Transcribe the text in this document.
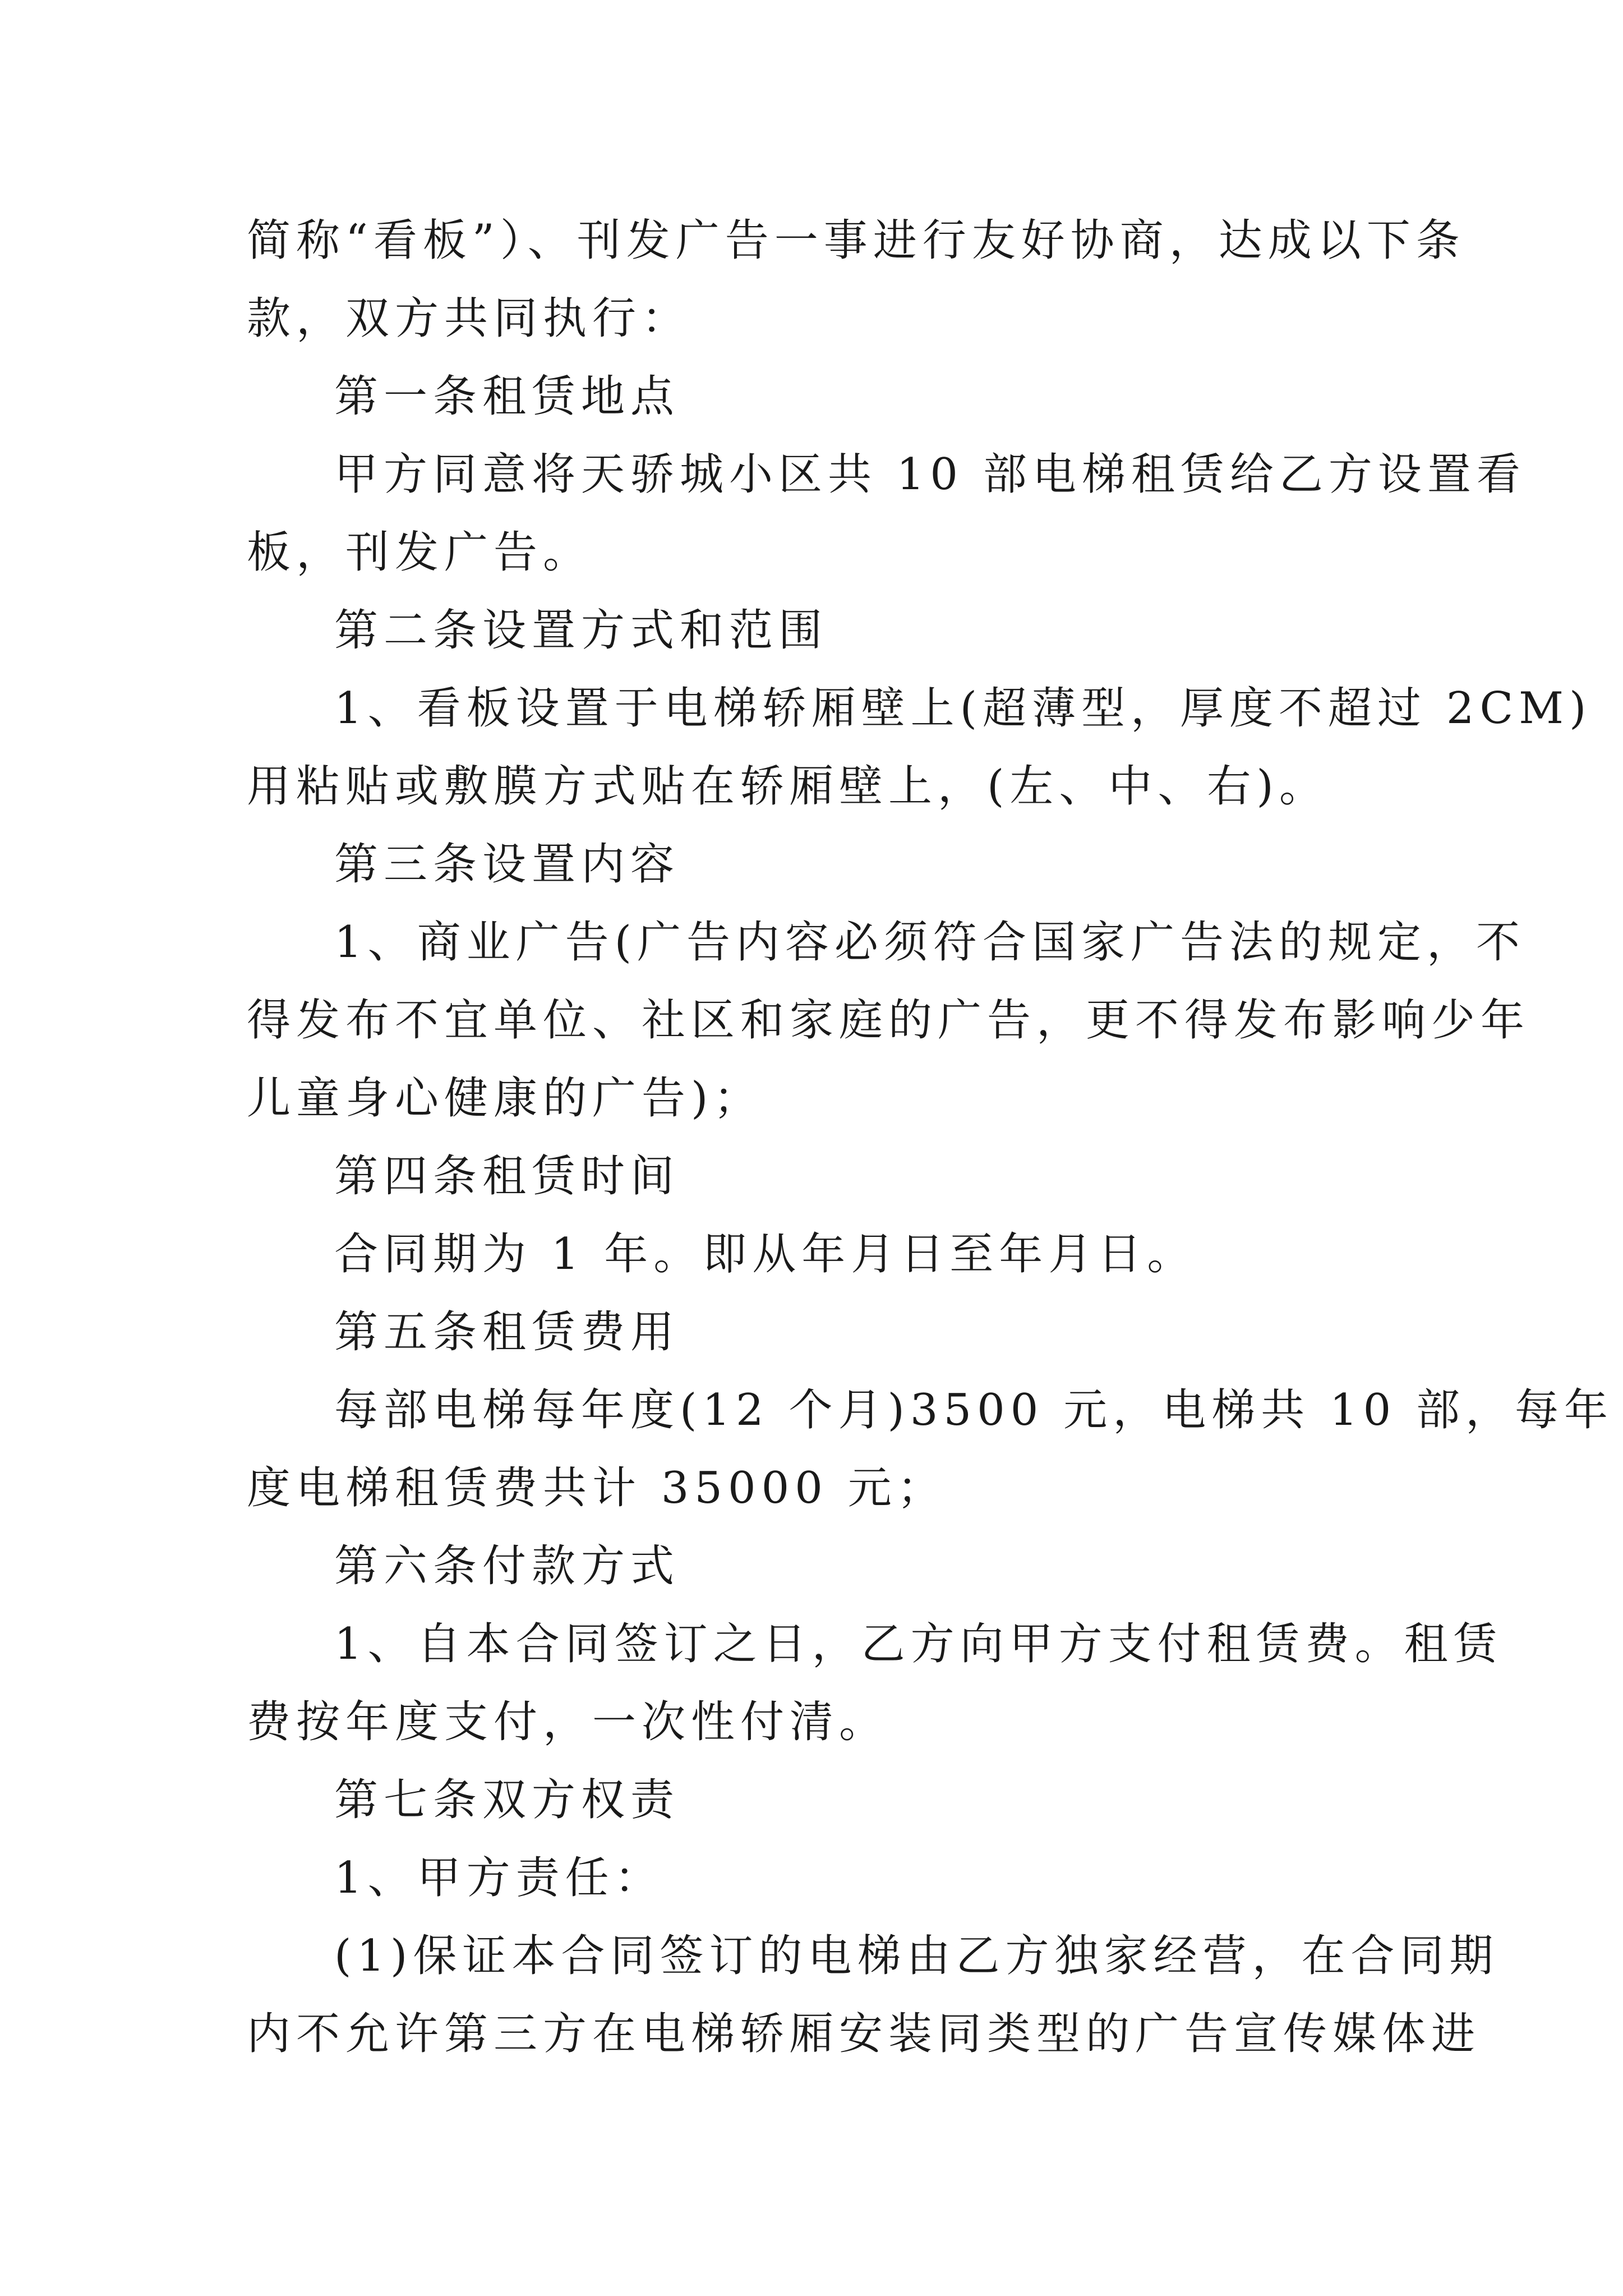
简称“看板”）、刊发广告一事进行友好协商，达成以下条
款，双方共同执行：
第一条租赁地点
甲方同意将天骄城小区共 10 部电梯租赁给乙方设置看
板，刊发广告。
第二条设置方式和范围
1、看板设置于电梯轿厢壁上(超薄型，厚度不超过 2CM)
用粘贴或敷膜方式贴在轿厢壁上，(左、中、右)。
第三条设置内容
1、商业广告(广告内容必须符合国家广告法的规定，不
得发布不宜单位、社区和家庭的广告，更不得发布影响少年
儿童身心健康的广告)；
第四条租赁时间
合同期为 1 年。即从年月日至年月日。
第五条租赁费用
每部电梯每年度(12 个月)3500 元，电梯共 10 部，每年
度电梯租赁费共计 35000 元；
第六条付款方式
1、自本合同签订之日，乙方向甲方支付租赁费。租赁
费按年度支付，一次性付清。
第七条双方权责
1、甲方责任：
(1)保证本合同签订的电梯由乙方独家经营，在合同期
内不允许第三方在电梯轿厢安装同类型的广告宣传媒体进
